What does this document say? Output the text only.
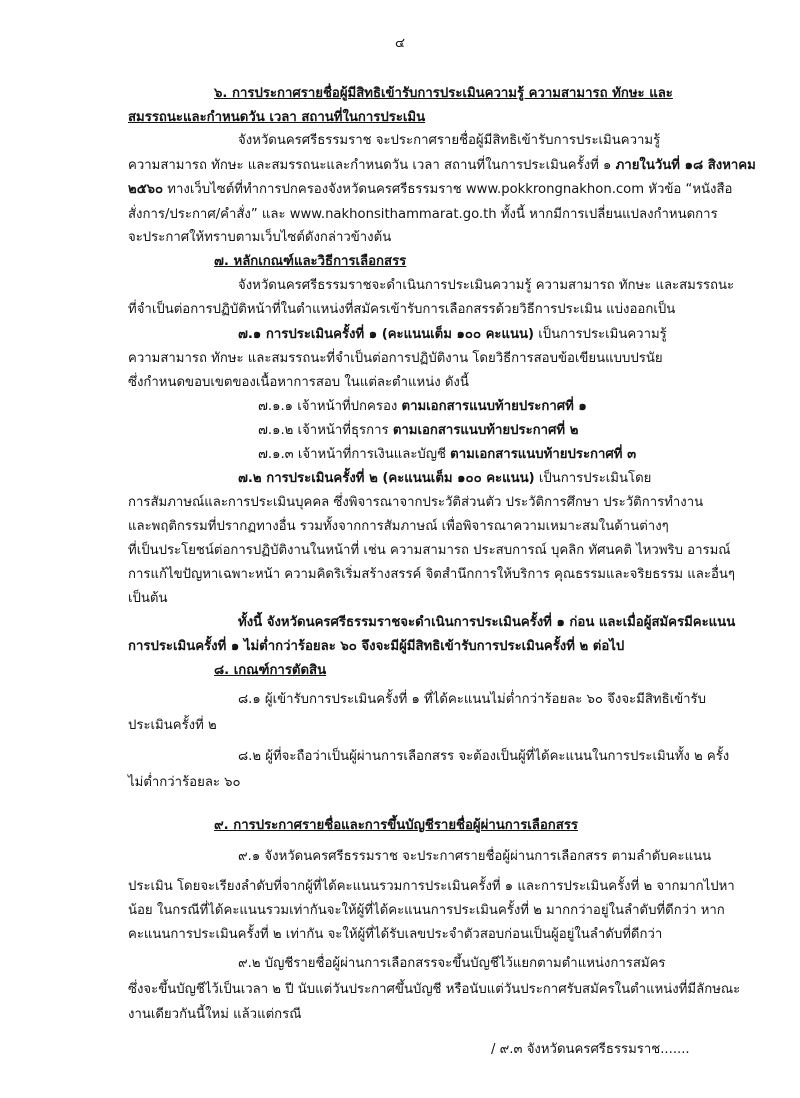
๔
๖. การประกาศรายชื่อผู้มีสิทธิเข้ารับการประเมินความรู้ ความสามารถ ทักษะ และ
สมรรถนะและกำหนดวัน เวลา สถานที่ในการประเมิน
จังหวัดนครศรีธรรมราช จะประกาศรายชื่อผู้มีสิทธิเข้ารับการประเมินความรู้
ความสามารถ ทักษะ และสมรรถนะและกำหนดวัน เวลา สถานที่ในการประเมินครั้งที่ ๑ ภายในวันที่ ๑๘ สิงหาคม
๒๕๖๐ ทางเว็บไซต์ที่ทำการปกครองจังหวัดนครศรีธรรมราช www.pokkrongnakhon.com หัวข้อ “หนังสือ
สั่งการ/ประกาศ/คำสั่ง” และ www.nakhonsithammarat.go.th ทั้งนี้ หากมีการเปลี่ยนแปลงกำหนดการ
จะประกาศให้ทราบตามเว็บไซต์ดังกล่าวข้างต้น
๗. หลักเกณฑ์และวิธีการเลือกสรร
จังหวัดนครศรีธรรมราชจะดำเนินการประเมินความรู้ ความสามารถ ทักษะ และสมรรถนะ
ที่จำเป็นต่อการปฏิบัติหน้าที่ในตำแหน่งที่สมัครเข้ารับการเลือกสรรด้วยวิธีการประเมิน แบ่งออกเป็น
๗.๑ การประเมินครั้งที่ ๑ (คะแนนเต็ม ๑๐๐ คะแนน) เป็นการประเมินความรู้
ความสามารถ ทักษะ และสมรรถนะที่จำเป็นต่อการปฏิบัติงาน โดยวิธีการสอบข้อเขียนแบบปรนัย
ซึ่งกำหนดขอบเขตของเนื้อหาการสอบ ในแต่ละตำแหน่ง ดังนี้
๗.๑.๑ เจ้าหน้าที่ปกครอง ตามเอกสารแนบท้ายประกาศที่ ๑
๗.๑.๒ เจ้าหน้าที่ธุรการ ตามเอกสารแนบท้ายประกาศที่ ๒
๗.๑.๓ เจ้าหน้าที่การเงินและบัญชี ตามเอกสารแนบท้ายประกาศที่ ๓
๗.๒ การประเมินครั้งที่ ๒ (คะแนนเต็ม ๑๐๐ คะแนน) เป็นการประเมินโดย
การสัมภาษณ์และการประเมินบุคคล ซึ่งพิจารณาจากประวัติส่วนตัว ประวัติการศึกษา ประวัติการทำงาน
และพฤติกรรมที่ปรากฏทางอื่น รวมทั้งจากการสัมภาษณ์ เพื่อพิจารณาความเหมาะสมในด้านต่างๆ
ที่เป็นประโยชน์ต่อการปฏิบัติงานในหน้าที่ เช่น ความสามารถ ประสบการณ์ บุคลิก ทัศนคติ ไหวพริบ อารมณ์
การแก้ไขปัญหาเฉพาะหน้า ความคิดริเริ่มสร้างสรรค์ จิตสำนึกการให้บริการ คุณธรรมและจริยธรรม และอื่นๆ
เป็นต้น
ทั้งนี้ จังหวัดนครศรีธรรมราชจะดำเนินการประเมินครั้งที่ ๑ ก่อน และเมื่อผู้สมัครมีคะแนน
การประเมินครั้งที่ ๑ ไม่ต่ำกว่าร้อยละ ๖๐ จึงจะมีผู้มีสิทธิเข้ารับการประเมินครั้งที่ ๒ ต่อไป
๘. เกณฑ์การตัดสิน
๘.๑ ผู้เข้ารับการประเมินครั้งที่ ๑ ที่ได้คะแนนไม่ต่ำกว่าร้อยละ ๖๐ จึงจะมีสิทธิเข้ารับ
ประเมินครั้งที่ ๒
๘.๒ ผู้ที่จะถือว่าเป็นผู้ผ่านการเลือกสรร จะต้องเป็นผู้ที่ได้คะแนนในการประเมินทั้ง ๒ ครั้ง
ไม่ต่ำกว่าร้อยละ ๖๐
๙. การประกาศรายชื่อและการขึ้นบัญชีรายชื่อผู้ผ่านการเลือกสรร
๙.๑ จังหวัดนครศรีธรรมราช จะประกาศรายชื่อผู้ผ่านการเลือกสรร ตามลำดับคะแนน
ประเมิน โดยจะเรียงลำดับที่จากผู้ที่ได้คะแนนรวมการประเมินครั้งที่ ๑ และการประเมินครั้งที่ ๒ จากมากไปหา
น้อย ในกรณีที่ได้คะแนนรวมเท่ากันจะให้ผู้ที่ได้คะแนนการประเมินครั้งที่ ๒ มากกว่าอยู่ในลำดับที่ดีกว่า หาก
คะแนนการประเมินครั้งที่ ๒ เท่ากัน จะให้ผู้ที่ได้รับเลขประจำตัวสอบก่อนเป็นผู้อยู่ในลำดับที่ดีกว่า
๙.๒ บัญชีรายชื่อผู้ผ่านการเลือกสรรจะขึ้นบัญชีไว้แยกตามตำแหน่งการสมัคร
ซึ่งจะขึ้นบัญชีไว้เป็นเวลา ๒ ปี นับแต่วันประกาศขึ้นบัญชี หรือนับแต่วันประกาศรับสมัครในตำแหน่งที่มีลักษณะ
งานเดียวกันนี้ใหม่ แล้วแต่กรณี
/ ๙.๓ จังหวัดนครศรีธรรมราช.......
